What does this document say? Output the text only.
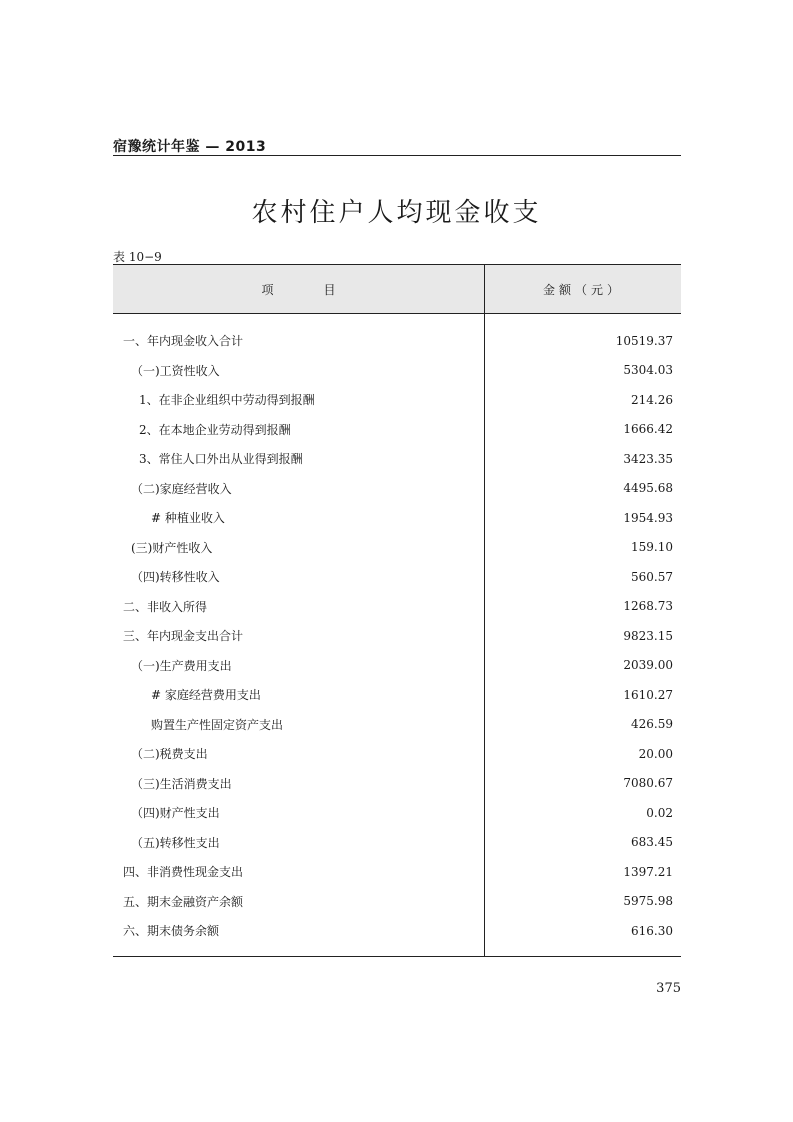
宿豫统计年鉴 — 2013
农村住户人均现金收支
表 10−9
项目	金额（元）

一、年内现金收入合计	10519.37
（一)工资性收入	5304.03
1、在非企业组织中劳动得到报酬	214.26
2、在本地企业劳动得到报酬	1666.42
3、常住人口外出从业得到报酬	3423.35
（二)家庭经营收入	4495.68
# 种植业收入	1954.93
(三)财产性收入	159.10
（四)转移性收入	560.57
二、非收入所得	1268.73
三、年内现金支出合计	9823.15
（一)生产费用支出	2039.00
# 家庭经营费用支出	1610.27
购置生产性固定资产支出	426.59
（二)税费支出	20.00
（三)生活消费支出	7080.67
（四)财产性支出	0.02
（五)转移性支出	683.45
四、非消费性现金支出	1397.21
五、期末金融资产余额	5975.98
六、期末债务余额	616.30

375
